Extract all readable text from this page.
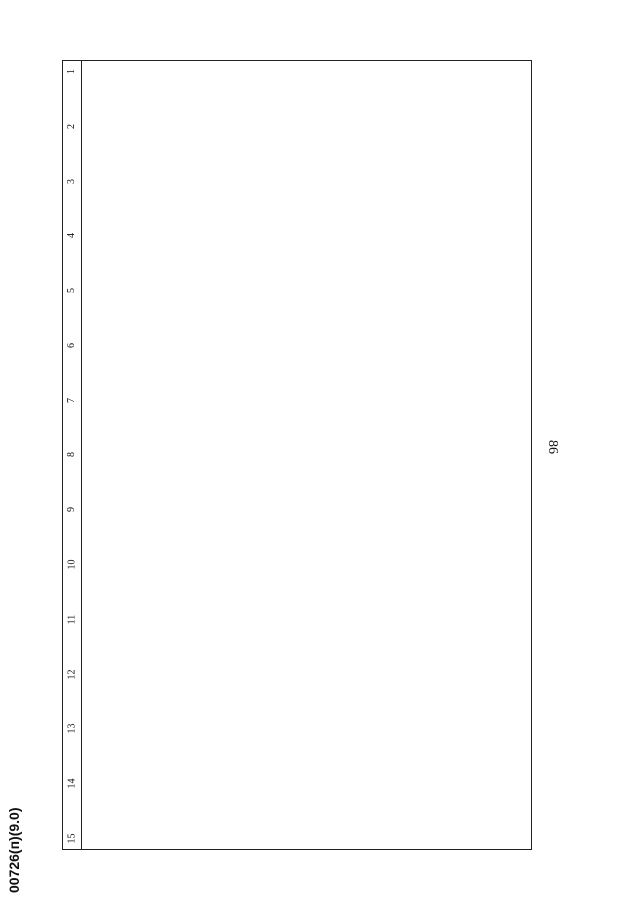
86
00726(п)(9.0)
1
2
3
4
5
6
7
8
9
10
11
12
13
14
15
